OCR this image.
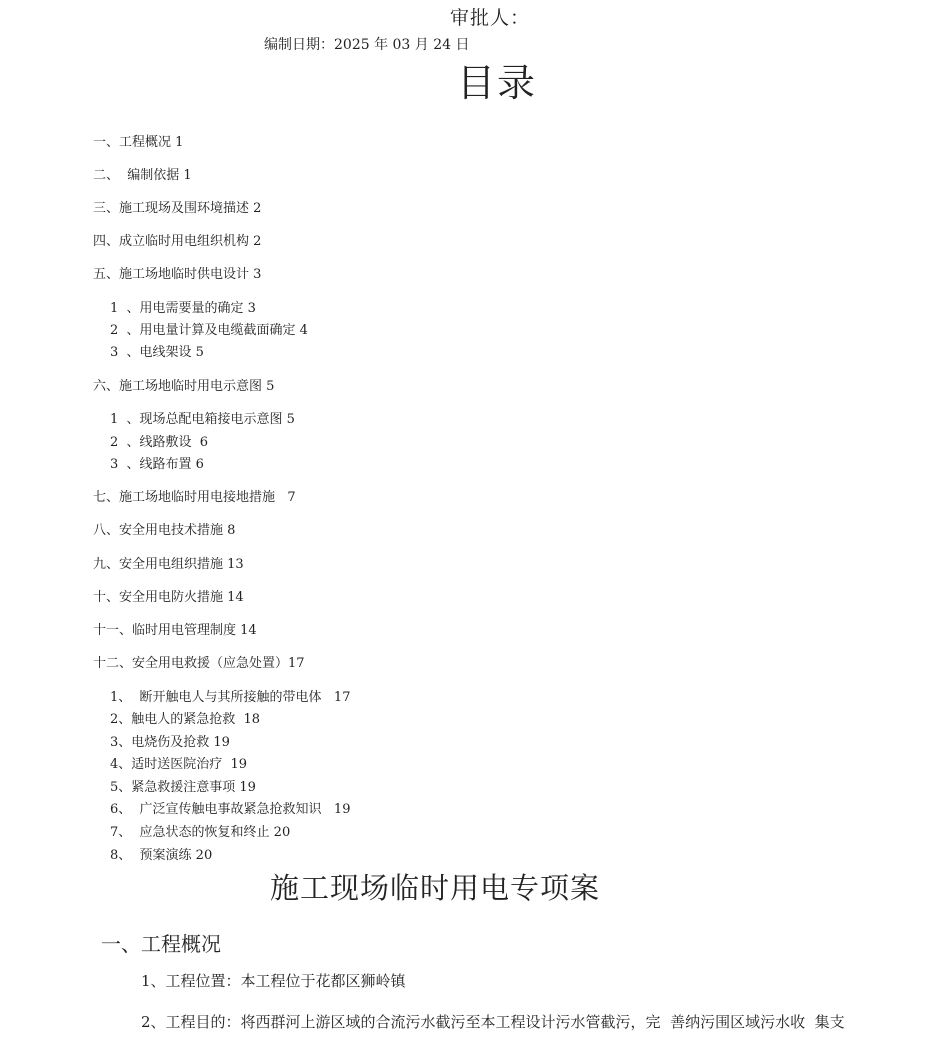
审批人：
编制日期：2025 年 03 月 24 日
目录
一、工程概况 1
二、  编制依据 1
三、施工现场及围环境描述 2
四、成立临时用电组织机构 2
五、施工场地临时供电设计 3
1  、用电需要量的确定 3
2  、用电量计算及电缆截面确定 4
3  、电线架设 5
六、施工场地临时用电示意图 5
1  、现场总配电箱接电示意图 5
2  、线路敷设  6
3  、线路布置 6
七、施工场地临时用电接地措施   7
八、安全用电技术措施 8
九、安全用电组织措施 13
十、安全用电防火措施 14
十一、临时用电管理制度 14
十二、安全用电救援（应急处置）17
1、  断开触电人与其所接触的带电体   17
2、触电人的紧急抢救  18
3、电烧伤及抢救 19
4、适时送医院治疗  19
5、紧急救援注意事项 19
6、  广泛宣传触电事故紧急抢救知识   19
7、  应急状态的恢复和终止 20
8、  预案演练 20
施工现场临时用电专项案
一、工程概况
1、工程位置：本工程位于花都区狮岭镇
2、工程目的：将西群河上游区域的合流污水截污至本工程设计污水管截污，完  善纳污围区域污水收  集支
